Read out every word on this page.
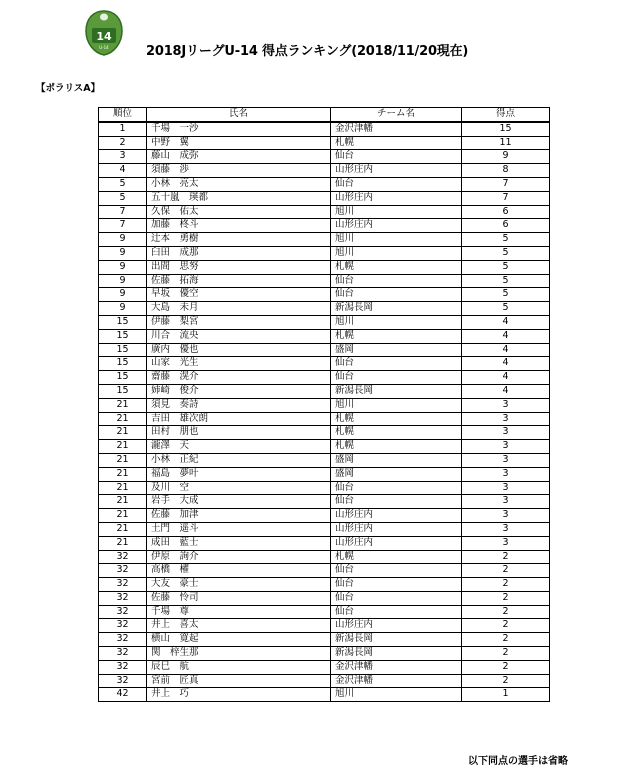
14
U-14	2018JリーグU-14 得点ランキング(2018/11/20現在)
【ポラリスA】
順位	氏名	チーム名	得点
1	千場　一沙	金沢津幡	15
2	中野　翼	札幌	11
3	藤山　成弥	仙台	9
4	須藤　渉	山形庄内	8
5	小林　亮太	仙台	7
5	五十嵐　瑛都	山形庄内	7
7	久保　佑太	旭川	6
7	加藤　柊斗	山形庄内	6
9	辻本　勇樹	旭川	5
9	臼田　成那	旭川	5
9	出間　思努	札幌	5
9	佐藤　拓海	仙台	5
9	早坂　優空	仙台	5
9	大島　未月	新潟長岡	5
15	伊藤　梨宮	旭川	4
15	川合　流央	札幌	4
15	廣内　優也	盛岡	4
15	山家　光生	仙台	4
15	齋藤　滉介	仙台	4
15	姉崎　俊介	新潟長岡	4
21	須見　奏詩	旭川	3
21	吉田　雄次朗	札幌	3
21	田村　朋也	札幌	3
21	瀧澤　天	札幌	3
21	小林　正紀	盛岡	3
21	福島　夢叶	盛岡	3
21	及川　空	仙台	3
21	岩手　大成	仙台	3
21	佐藤　加津	山形庄内	3
21	土門　遥斗	山形庄内	3
21	成田　藍士	山形庄内	3
32	伊原　詢介	札幌	2
32	高橋　櫂	仙台	2
32	大友　豪士	仙台	2
32	佐藤　怜司	仙台	2
32	千場　尊	仙台	2
32	井上　喜太	山形庄内	2
32	横山　寛起	新潟長岡	2
32	関　梓生那	新潟長岡	2
32	辰巳　航	金沢津幡	2
32	宮前　匠真	金沢津幡	2
42	井上　巧	旭川	1
以下同点の選手は省略
